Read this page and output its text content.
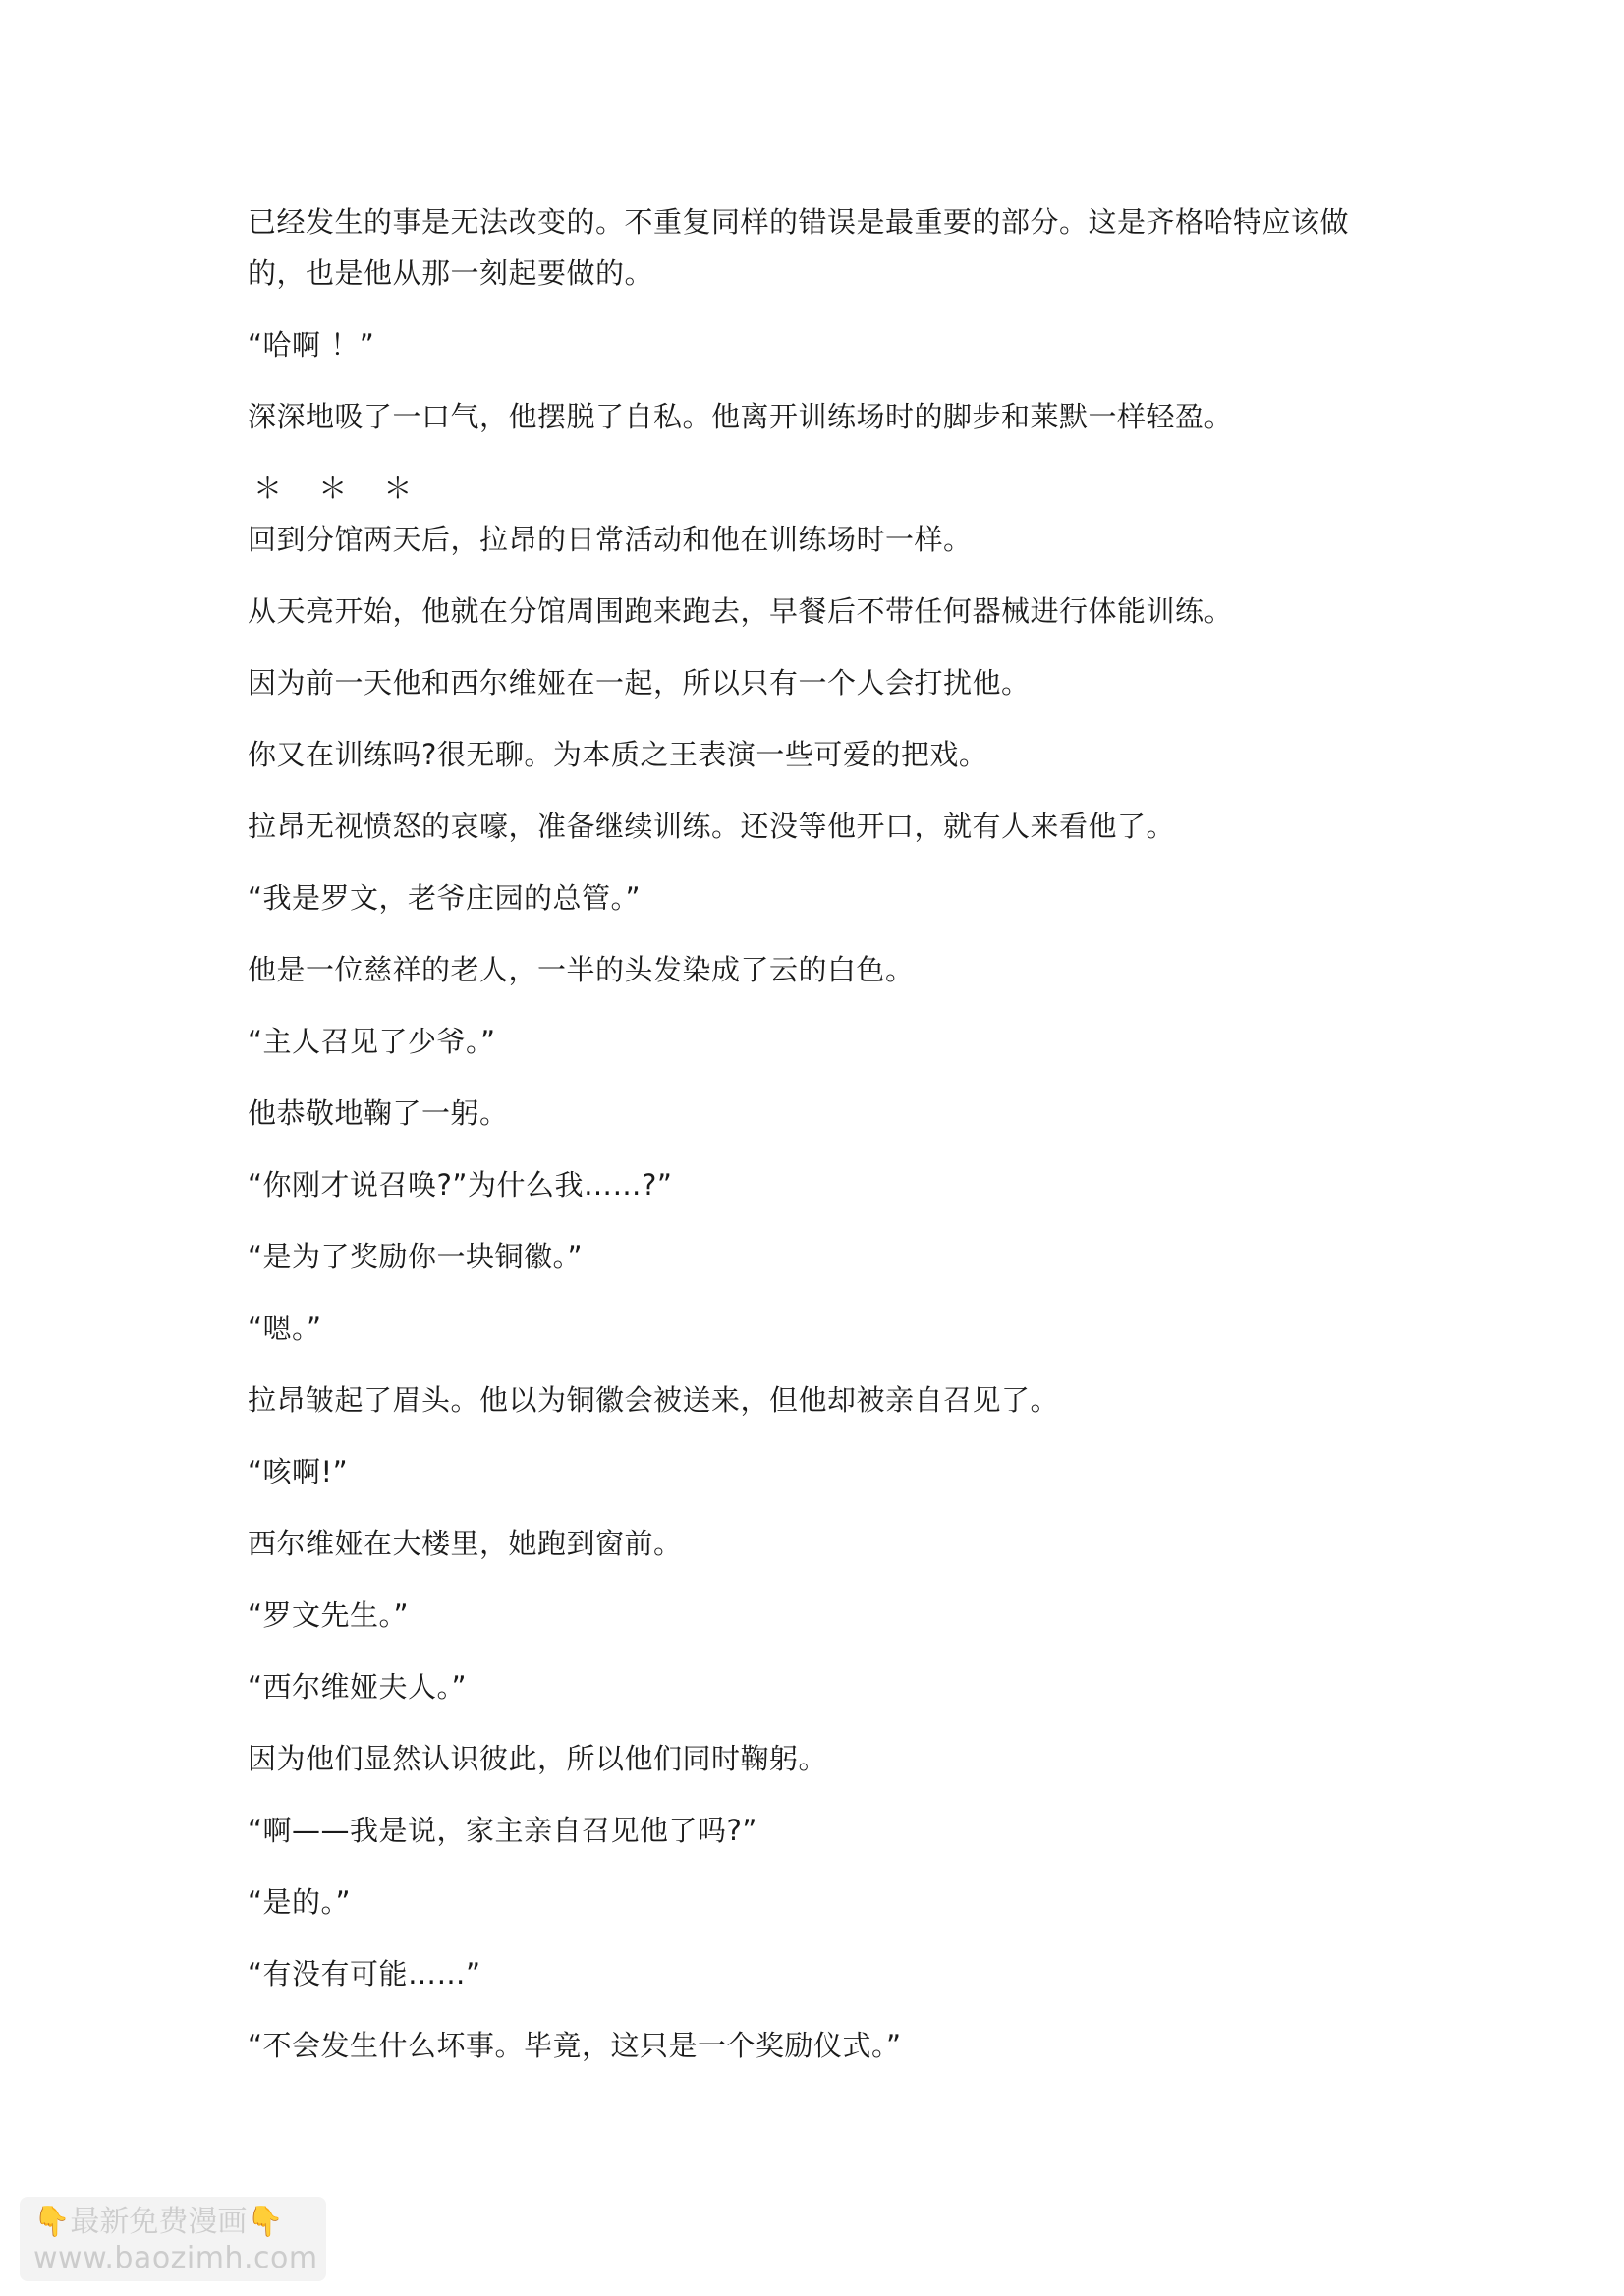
已经发生的事是无法改变的。不重复同样的错误是最重要的部分。这是齐格哈特应该做的，也是他从那一刻起要做的。

“哈啊 ！”

深深地吸了一口气，他摆脱了自私。他离开训练场时的脚步和莱默一样轻盈。

＊ ＊ ＊

回到分馆两天后，拉昂的日常活动和他在训练场时一样。

从天亮开始，他就在分馆周围跑来跑去，早餐后不带任何器械进行体能训练。

因为前一天他和西尔维娅在一起，所以只有一个人会打扰他。

你又在训练吗?很无聊。为本质之王表演一些可爱的把戏。

拉昂无视愤怒的哀嚎，准备继续训练。还没等他开口，就有人来看他了。

“我是罗文，老爷庄园的总管。”

他是一位慈祥的老人，一半的头发染成了云的白色。

“主人召见了少爷。”

他恭敬地鞠了一躬。

“你刚才说召唤?”为什么我……?”

“是为了奖励你一块铜徽。”

“嗯。”

拉昂皱起了眉头。他以为铜徽会被送来，但他却被亲自召见了。

“咳啊!”

西尔维娅在大楼里，她跑到窗前。

“罗文先生。”

“西尔维娅夫人。”

因为他们显然认识彼此，所以他们同时鞠躬。

“啊——我是说，家主亲自召见他了吗?”

“是的。”

“有没有可能……”

“不会发生什么坏事。毕竟，这只是一个奖励仪式。”

👇最新免费漫画👇
www.baozimh.com
